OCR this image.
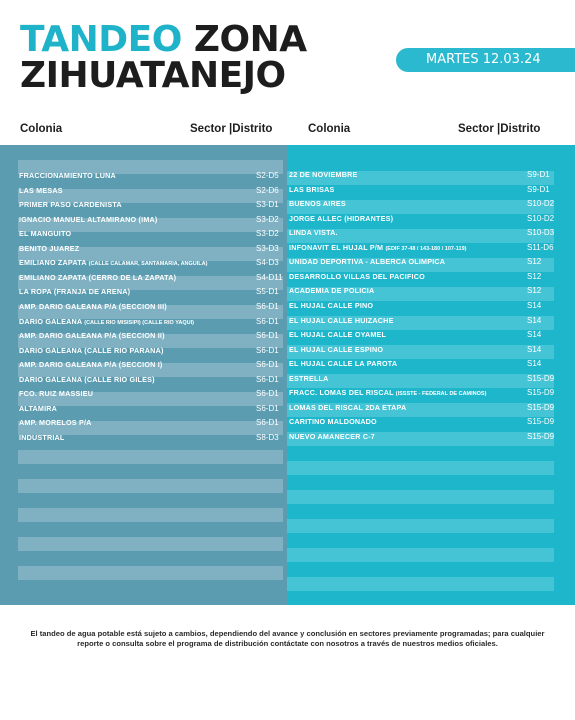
TANDEO ZONA
ZIHUATANEJO	MARTES 12.03.24
Colonia	Sector |Distrito	Colonia	Sector |Distrito
FRACCIONAMIENTO LUNA	S2-D5
LAS MESAS	S2-D6
PRIMER PASO CARDENISTA	S3-D1
IGNACIO MANUEL ALTAMIRANO (IMA)	S3-D2
EL MANGUITO	S3-D2
BENITO JUAREZ	S3-D3
EMILIANO ZAPATA (CALLE CALAMAR, SANTAMARIA, ANGUILA)	S4-D3
EMILIANO ZAPATA (CERRO DE LA ZAPATA)	S4-D11
LA ROPA (FRANJA DE ARENA)	S5-D1
AMP. DARIO GALEANA P/A (SECCION III)	S6-D1
DARIO GALEANA (CALLE RIO MISISIPI) (CALLE RIO YAQUI)	S6-D1
AMP. DARIO GALEANA P/A (SECCION II)	S6-D1
DARIO GALEANA (CALLE RIO PARANA)	S6-D1
AMP. DARIO GALEANA P/A (SECCION I)	S6-D1
DARIO GALEANA (CALLE RIO GILES)	S6-D1
FCO. RUIZ MASSIEU	S6-D1
ALTAMIRA	S6-D1
AMP. MORELOS P/A	S6-D1
INDUSTRIAL	S8-D3
22 DE NOVIEMBRE	S9-D1
LAS BRISAS	S9-D1
BUENOS AIRES	S10-D2
JORGE ALLEC (HIDRANTES)	S10-D2
LINDA VISTA.	S10-D3
INFONAVIT EL HUJAL P/M (EDIF 37-48 / 143-180 / 107-119)	S11-D6
UNIDAD DEPORTIVA - ALBERCA OLIMPICA	S12
DESARROLLO VILLAS DEL PACIFICO	S12
ACADEMIA DE POLICIA	S12
EL HUJAL CALLE PINO	S14
EL HUJAL CALLE HUIZACHE	S14
EL HUJAL CALLE OYAMEL	S14
EL HUJAL CALLE ESPINO	S14
EL HUJAL CALLE LA PAROTA	S14
ESTRELLA	S15-D9
FRACC. LOMAS DEL RISCAL (ISSSTE - FEDERAL DE CAMINOS)	S15-D9
LOMAS DEL RISCAL 2DA ETAPA	S15-D9
CARITINO MALDONADO	S15-D9
NUEVO AMANECER C-7	S15-D9
El tandeo de agua potable está sujeto a cambios, dependiendo del avance y conclusión en sectores previamente programadas; para cualquier reporte o consulta sobre el programa de distribución contáctate con nosotros a través de nuestros medios oficiales.
